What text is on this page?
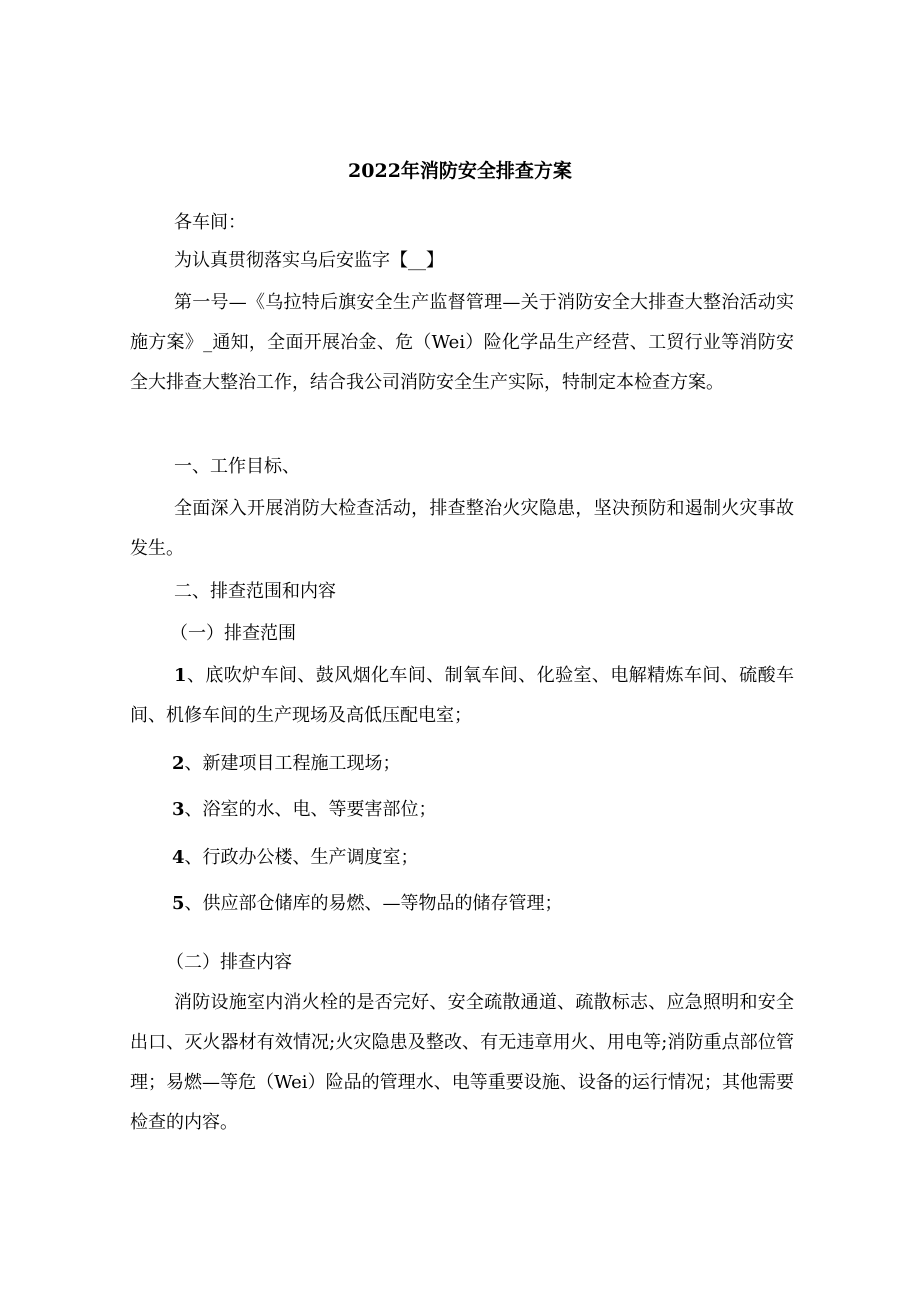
2022年消防安全排查方案

各车间：

为认真贯彻落实乌后安监字【__】

第一号—《乌拉特后旗安全生产监督管理—关于消防安全大排查大整治活动实施方案》_通知，全面开展冶金、危（Wei）险化学品生产经营、工贸行业等消防安全大排查大整治工作，结合我公司消防安全生产实际，特制定本检查方案。

一、工作目标、

全面深入开展消防大检查活动，排查整治火灾隐患，坚决预防和遏制火灾事故发生。

二、排查范围和内容

（一）排查范围

1、底吹炉车间、鼓风烟化车间、制氧车间、化验室、电解精炼车间、硫酸车间、机修车间的生产现场及高低压配电室；

2、新建项目工程施工现场；

3、浴室的水、电、等要害部位；

4、行政办公楼、生产调度室；

5、供应部仓储库的易燃、—等物品的储存管理；

（二）排查内容

消防设施室内消火栓的是否完好、安全疏散通道、疏散标志、应急照明和安全出口、灭火器材有效情况;火灾隐患及整改、有无违章用火、用电等;消防重点部位管理；易燃—等危（Wei）险品的管理水、电等重要设施、设备的运行情况；其他需要检查的内容。
